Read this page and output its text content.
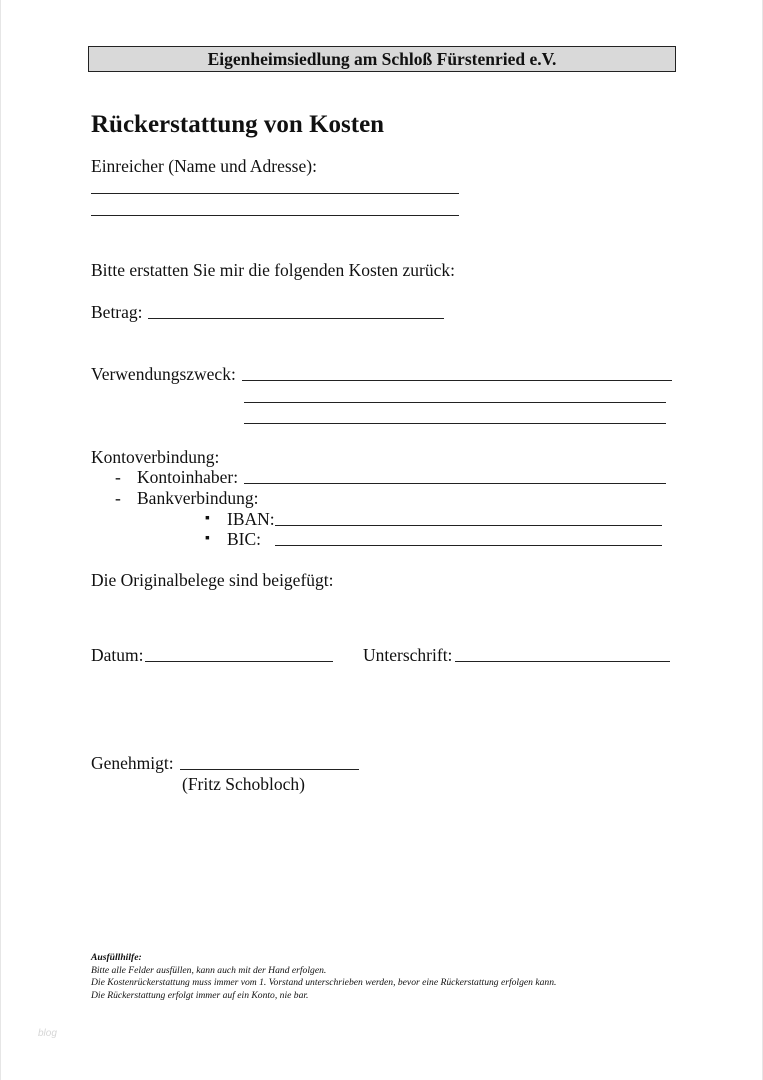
Eigenheimsiedlung am Schloß Fürstenried e.V.
Rückerstattung von Kosten
Einreicher (Name und Adresse):
Bitte erstatten Sie mir die folgenden Kosten zurück:
Betrag:
Verwendungszweck:
Kontoverbindung:
- Kontoinhaber:
- Bankverbindung:
▪ IBAN:
▪ BIC:
Die Originalbelege sind beigefügt:
Datum:	Unterschrift:
Genehmigt:
(Fritz Schobloch)
Ausfüllhilfe:
Bitte alle Felder ausfüllen, kann auch mit der Hand erfolgen.
Die Kostenrückerstattung muss immer vom 1. Vorstand unterschrieben werden, bevor eine Rückerstattung erfolgen kann.
Die Rückerstattung erfolgt immer auf ein Konto, nie bar.
blog
